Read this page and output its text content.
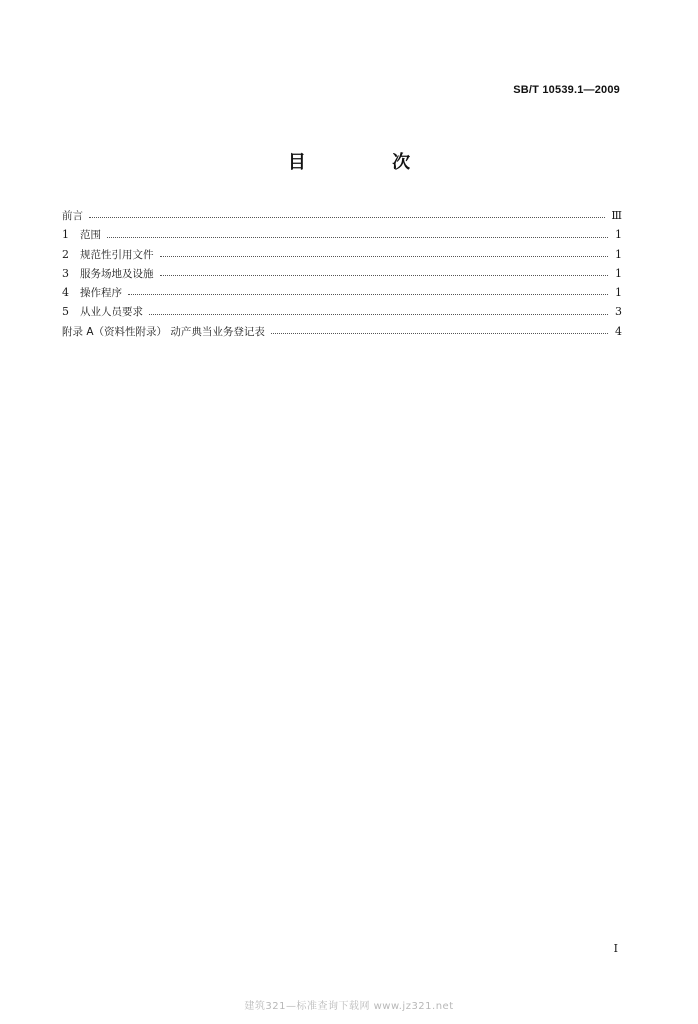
SB/T 10539.1—2009
目 次
前言	Ⅲ
1	范围	1
2	规范性引用文件	1
3	服务场地及设施	1
4	操作程序	1
5	从业人员要求	3
附录 A（资料性附录） 动产典当业务登记表	4
I
建筑321—标准查询下载网 www.jz321.net
